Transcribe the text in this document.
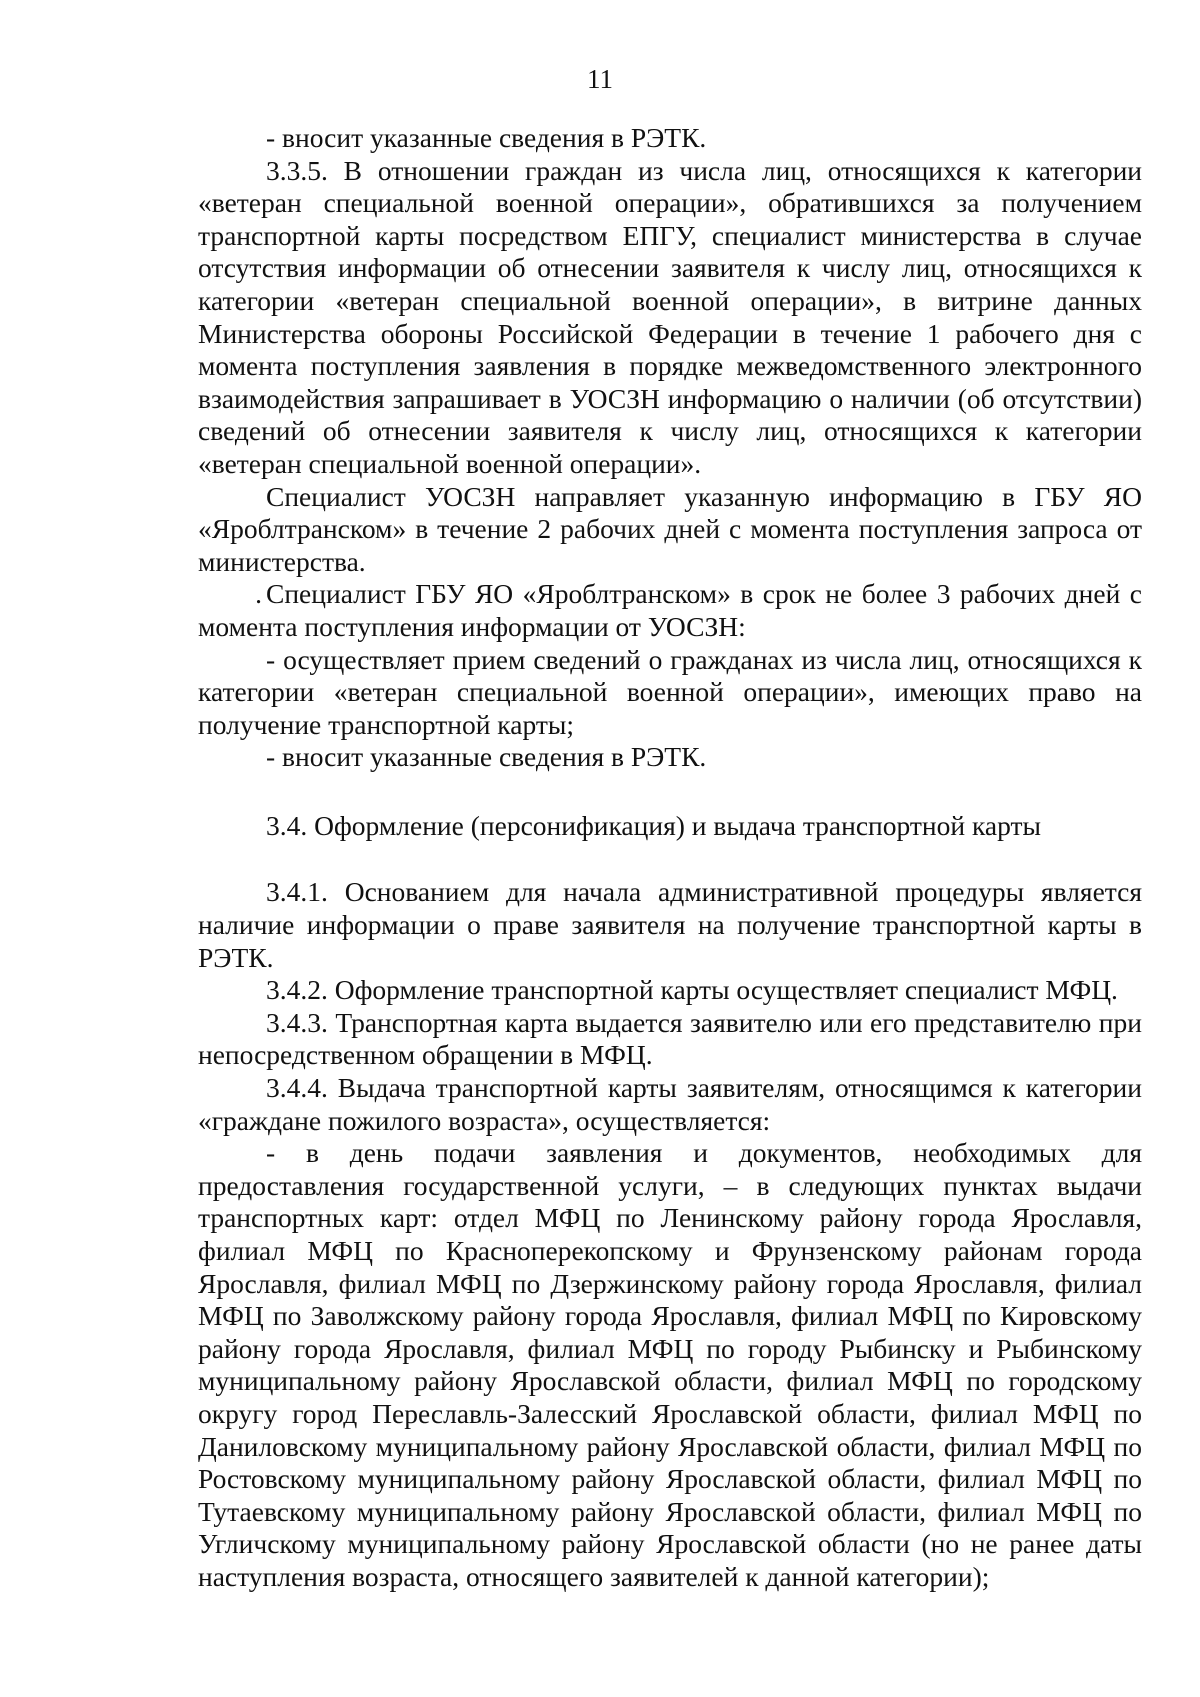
11

- вносит указанные сведения в РЭТК.

3.3.5. В отношении граждан из числа лиц, относящихся к категории «ветеран специальной военной операции», обратившихся за получением транспортной карты посредством ЕПГУ, специалист министерства в случае отсутствия информации об отнесении заявителя к числу лиц, относящихся к категории «ветеран специальной военной операции», в витрине данных Министерства обороны Российской Федерации в течение 1 рабочего дня с момента поступления заявления в порядке межведомственного электронного взаимодействия запрашивает в УОСЗН информацию о наличии (об отсутствии) сведений об отнесении заявителя к числу лиц, относящихся к категории «ветеран специальной военной операции».

Специалист УОСЗН направляет указанную информацию в ГБУ ЯО «Яроблтранском» в течение 2 рабочих дней с момента поступления запроса от министерства.

. Специалист ГБУ ЯО «Яроблтранском» в срок не более 3 рабочих дней с момента поступления информации от УОСЗН:

- осуществляет прием сведений о гражданах из числа лиц, относящихся к категории «ветеран специальной военной операции», имеющих право на получение транспортной карты;

- вносит указанные сведения в РЭТК.

3.4. Оформление (персонификация) и выдача транспортной карты

3.4.1. Основанием для начала административной процедуры является наличие информации о праве заявителя на получение транспортной карты в РЭТК.

3.4.2. Оформление транспортной карты осуществляет специалист МФЦ.

3.4.3. Транспортная карта выдается заявителю или его представителю при непосредственном обращении в МФЦ.

3.4.4. Выдача транспортной карты заявителям, относящимся к категории «граждане пожилого возраста», осуществляется:

- в день подачи заявления и документов, необходимых для предоставления государственной услуги, – в следующих пунктах выдачи транспортных карт: отдел МФЦ по Ленинскому району города Ярославля, филиал МФЦ по Красноперекопскому и Фрунзенскому районам города Ярославля, филиал МФЦ по Дзержинскому району города Ярославля, филиал МФЦ по Заволжскому району города Ярославля, филиал МФЦ по Кировскому району города Ярославля, филиал МФЦ по городу Рыбинску и Рыбинскому муниципальному району Ярославской области, филиал МФЦ по городскому округу город Переславль-Залесский Ярославской области, филиал МФЦ по Даниловскому муниципальному району Ярославской области, филиал МФЦ по Ростовскому муниципальному району Ярославской области, филиал МФЦ по Тутаевскому муниципальному району Ярославской области, филиал МФЦ по Угличскому муниципальному району Ярославской области (но не ранее даты наступления возраста, относящего заявителей к данной категории);
